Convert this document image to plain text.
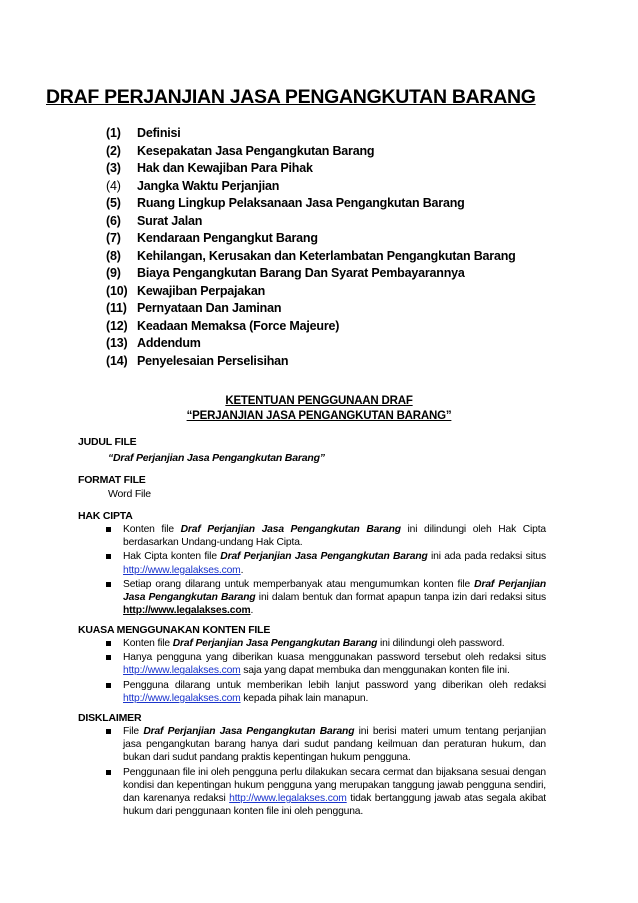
DRAF PERJANJIAN JASA PENGANGKUTAN BARANG
(1)	Definisi
(2)	Kesepakatan Jasa Pengangkutan Barang
(3)	Hak dan Kewajiban Para Pihak
(4)	Jangka Waktu Perjanjian
(5)	Ruang Lingkup Pelaksanaan Jasa Pengangkutan Barang
(6)	Surat Jalan
(7)	Kendaraan Pengangkut Barang
(8)	Kehilangan, Kerusakan dan Keterlambatan Pengangkutan Barang
(9)	Biaya Pengangkutan Barang Dan Syarat Pembayarannya
(10) Kewajiban Perpajakan
(11) Pernyataan Dan Jaminan
(12) Keadaan Memaksa (Force Majeure)
(13) Addendum
(14) Penyelesaian Perselisihan
KETENTUAN PENGGUNAAN DRAF
“PERJANJIAN JASA PENGANGKUTAN BARANG”
JUDUL FILE
“Draf Perjanjian Jasa Pengangkutan Barang”
FORMAT FILE
Word File
HAK CIPTA
Konten file Draf Perjanjian Jasa Pengangkutan Barang ini dilindungi oleh Hak Cipta berdasarkan Undang-undang Hak Cipta.
Hak Cipta konten file Draf Perjanjian Jasa Pengangkutan Barang ini ada pada redaksi situs http://www.legalakses.com.
Setiap orang dilarang untuk memperbanyak atau mengumumkan konten file Draf Perjanjian Jasa Pengangkutan Barang ini dalam bentuk dan format apapun tanpa izin dari redaksi situs http://www.legalakses.com.
KUASA MENGGUNAKAN KONTEN FILE
Konten file Draf Perjanjian Jasa Pengangkutan Barang ini dilindungi oleh password.
Hanya pengguna yang diberikan kuasa menggunakan password tersebut oleh redaksi situs http://www.legalakses.com saja yang dapat membuka dan menggunakan konten file ini.
Pengguna dilarang untuk memberikan lebih lanjut password yang diberikan oleh redaksi http://www.legalakses.com kepada pihak lain manapun.
DISKLAIMER
File Draf Perjanjian Jasa Pengangkutan Barang ini berisi materi umum tentang perjanjian jasa pengangkutan barang hanya dari sudut pandang keilmuan dan peraturan hukum, dan bukan dari sudut pandang praktis kepentingan hukum pengguna.
Penggunaan file ini oleh pengguna perlu dilakukan secara cermat dan bijaksana sesuai dengan kondisi dan kepentingan hukum pengguna yang merupakan tanggung jawab pengguna sendiri, dan karenanya redaksi http://www.legalakses.com tidak bertanggung jawab atas segala akibat hukum dari penggunaan konten file ini oleh pengguna.
